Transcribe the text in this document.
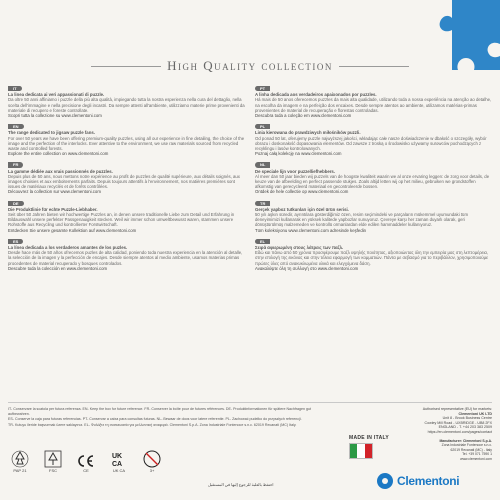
High Quality collection
IT
La linea dedicata ai veri appassionati di puzzle.
Da oltre 50 anni affiniamo i puzzle della più alta qualità, impiegando tutta la nostra esperienza nella cura del dettaglio, nella scelta dell'immagine e nella precisione degli incastri. Da sempre attenti all'ambiente, utilizziamo materie prime provenienti da materiale di recupero e foreste controllate.
Scopri tutta la collezione su www.clementoni.com
EN
The range dedicated to jigsaw puzzle fans.
For over 50 years we have been offering premium-quality puzzles, using all our experience in fine detailing, the choice of the image and the perfection of the interlocks. Ever attentive to the environment, we use raw materials sourced from recycled waste and controlled forests.
Explore the entire collection on www.clementoni.com
FR
La gamme dédiée aux vrais passionnés de puzzles.
Depuis plus de 50 ans, nous mettons notre expérience au profit de puzzles de qualité supérieure, aux détails soignés, aux images choisies et aux emboitements parfaits. Depuis toujours attentifs à l'environnement, nos matières premières sont issues de matériaux recyclés et de forêts contrôlées.
Découvrez la collection sur www.clementoni.com
DE
Die Produktlinie für echte Puzzle-Liebhaber.
Seit über 50 Jahren bieten wir hochwertige Puzzles an, in denen unsere traditionelle Liebe zum Detail und Erfahrung in Bildauswahl unsere perfekter Passgenauigkeit stecken. Weil wir immer schon umweltbewusst waren, stammen unsere Rohstoffe aus Recycling und kontrollierter Forstwirtschaft.
Entdecken Sie unsere gesamte Kollektion auf www.clementoni.com
ES
La línea dedicada a los verdaderos amantes de los puzles.
Desde hace más de 50 años ofrecemos puzles de alta calidad, poniendo toda nuestra experiencia en la atención al detalle, la selección de la imagen y la perfección de encajes. Desde siempre atentos al medio ambiente, usamos materias primas procedentes de material recuperado y bosques controlados.
Descubre toda la colección en www.clementoni.com
PT
A linha dedicada aos verdadeiros apaixonados por puzzles.
Há mais de 50 anos oferecemos puzzles da mais alta qualidade, utilizando toda a nossa experiência na atenção ao detalhe, na escolha da imagem e na perfeição dos encaixes. Desde sempre atentos ao ambiente, utilizamos matérias-primas provenientes de material de recuperação e florestas controladas.
Descubra toda a coleção em www.clementoni.com
PL
Linia kierowana do prawdziwych miłośników puzzli.
Od ponad 50 lat, oferujemy puzzle najwyższej jakości, wkładając całe nasze doświadczenie w dbałość o szczegóły, wybór obrazu i doskonałość dopasowania elementów. Od zawsze z troską o środowisko używamy surowców pochodzących z recyklingu i lasów kontrolowanych.
Poznaj całą kolekcję na www.clementoni.com
NL
De speciale lijn voor puzzelliefhebbers.
Al meer dan 50 jaar bieden wij puzzels van de hoogste kwaliteit waarin we al onze ervaring leggen: de zorg voor details, de keuze van de afbeelding en perfect passende stukjes. Zoals altijd letten wij op het milieu, gebruiken we grondstoffen afkomstig van gerecycleerd materiaal en gecontroleerde bossen.
Ontdek de hele collectie op www.clementoni.com
TR
Gerçek yapboz tutkunları için özel ürün serisi.
50 yılı aşkın süredir, ayrıntılara gösterdiğimiz özen, resim seçimindeki ve parçaların mükemmel uyumundaki tüm deneyimimizi kullanarak en yüksek kalitede yapbozlar sunuyoruz. Çevreye karşı her zaman duyarlı olarak, geri dönüştürülmüş malzemeden ve kontrollü ormanlardan elde edilen hammaddeler kullanıyoruz.
Tüm koleksiyonu www.clementoni.com adresinde keşfedin
EL
Σειρά αφιερωμένη στους λάτρεις των παζλ.
Εδώ και πάνω από 50 χρόνια προσφέρουμε παζλ υψηλής ποιότητας, αξιοποιώντας όλη την εμπειρία μας στη λεπτομέρεια, στην επιλογή της εικόνας και στην τέλεια εφαρμογή των κομματιών. Πάντα με σεβασμό για το περιβάλλον, χρησιμοποιούμε πρώτες ύλες από ανακυκλωμένα υλικά και ελεγχόμενα δάση.
Ανακαλύψτε όλη τη συλλογή στο www.clementoni.com

IT- Conservare la scatola per futura referenza. EN- Keep the box for future reference. FR- Conserver la boîte pour de futures références. DE- Produktinformationen für spätere Nachfragen gut aufbewahren.

ES- Conserve la caja para futuras referencias. PT- Conservar a caixa para consultas futuras. NL- Bewaar de doos voor latere referentie. PL- Zachować pudełko do przyszłych referencji.

TR- Kutuyu ileride başvurmak üzere saklayınız. EL- Φυλάξτε τη συσκευασία για μελλοντική αναφορά. Clementoni S.p.A. Zona Industriale Fontenoce s.n.c. 62019 Recanati (MC) Italy.

Authorised representative (EU) for markets:
Clementoni UK LTD
Unit 8 - Brook Business Centre
Cowley Mill Road - UXBRIDGE - UB8 2FX
ENGLAND - T. +44 203 383 2509
https://en.clementoni.com/pages/contact
MADE IN ITALY	Manufacturer: Clementoni S.p.A.
Zona Industriale Fontenoce s.n.c.
62019 Recanati (MC) - Italy
Tel. +39 071 7590 1
www.clementoni.com
Clementoni
PAP 21	FSC	CE
UK
CA
UK CA	3+
احتفظ بالعلبة للرجوع إليها في المستقبل
